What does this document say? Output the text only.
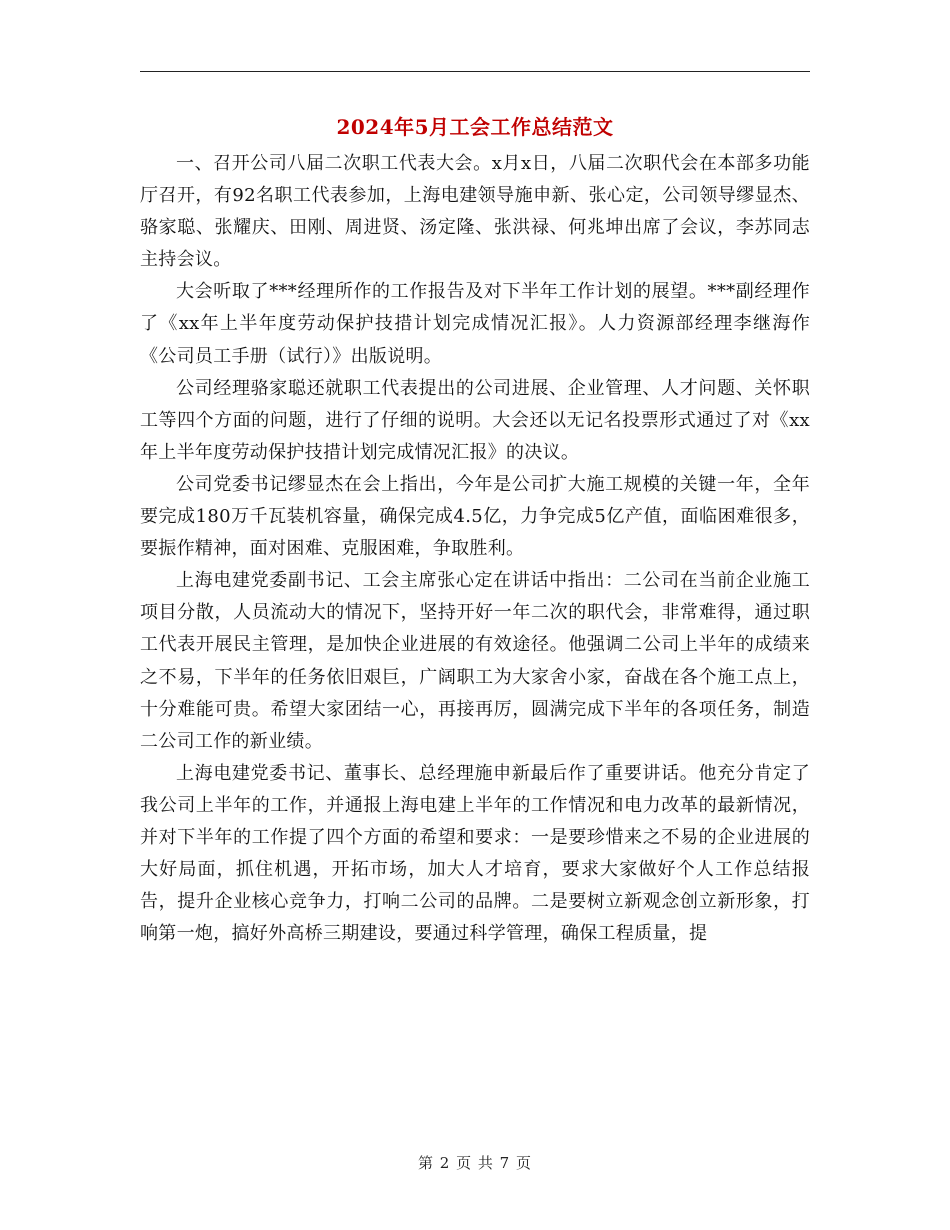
2024年5月工会工作总结范文

一、召开公司八届二次职工代表大会。x月x日，八届二次职代会在本部多功能厅召开，有92名职工代表参加，上海电建领导施申新、张心定，公司领导缪显杰、骆家聪、张耀庆、田刚、周进贤、汤定隆、张洪禄、何兆坤出席了会议，李苏同志主持会议。

大会听取了***经理所作的工作报告及对下半年工作计划的展望。***副经理作了《xx年上半年度劳动保护技措计划完成情况汇报》。人力资源部经理李继海作《公司员工手册（试行）》出版说明。

公司经理骆家聪还就职工代表提出的公司进展、企业管理、人才问题、关怀职工等四个方面的问题，进行了仔细的说明。大会还以无记名投票形式通过了对《xx年上半年度劳动保护技措计划完成情况汇报》的决议。

公司党委书记缪显杰在会上指出，今年是公司扩大施工规模的关键一年，全年要完成180万千瓦装机容量，确保完成4.5亿，力争完成5亿产值，面临困难很多，要振作精神，面对困难、克服困难，争取胜利。

上海电建党委副书记、工会主席张心定在讲话中指出：二公司在当前企业施工项目分散，人员流动大的情况下，坚持开好一年二次的职代会，非常难得，通过职工代表开展民主管理，是加快企业进展的有效途径。他强调二公司上半年的成绩来之不易，下半年的任务依旧艰巨，广阔职工为大家舍小家，奋战在各个施工点上，十分难能可贵。希望大家团结一心，再接再厉，圆满完成下半年的各项任务，制造二公司工作的新业绩。

上海电建党委书记、董事长、总经理施申新最后作了重要讲话。他充分肯定了我公司上半年的工作，并通报上海电建上半年的工作情况和电力改革的最新情况，并对下半年的工作提了四个方面的希望和要求：一是要珍惜来之不易的企业进展的大好局面，抓住机遇，开拓市场，加大人才培育，要求大家做好个人工作总结报告，提升企业核心竞争力，打响二公司的品牌。二是要树立新观念创立新形象，打响第一炮，搞好外高桥三期建设，要通过科学管理，确保工程质量，提

第 2 页 共 7 页
